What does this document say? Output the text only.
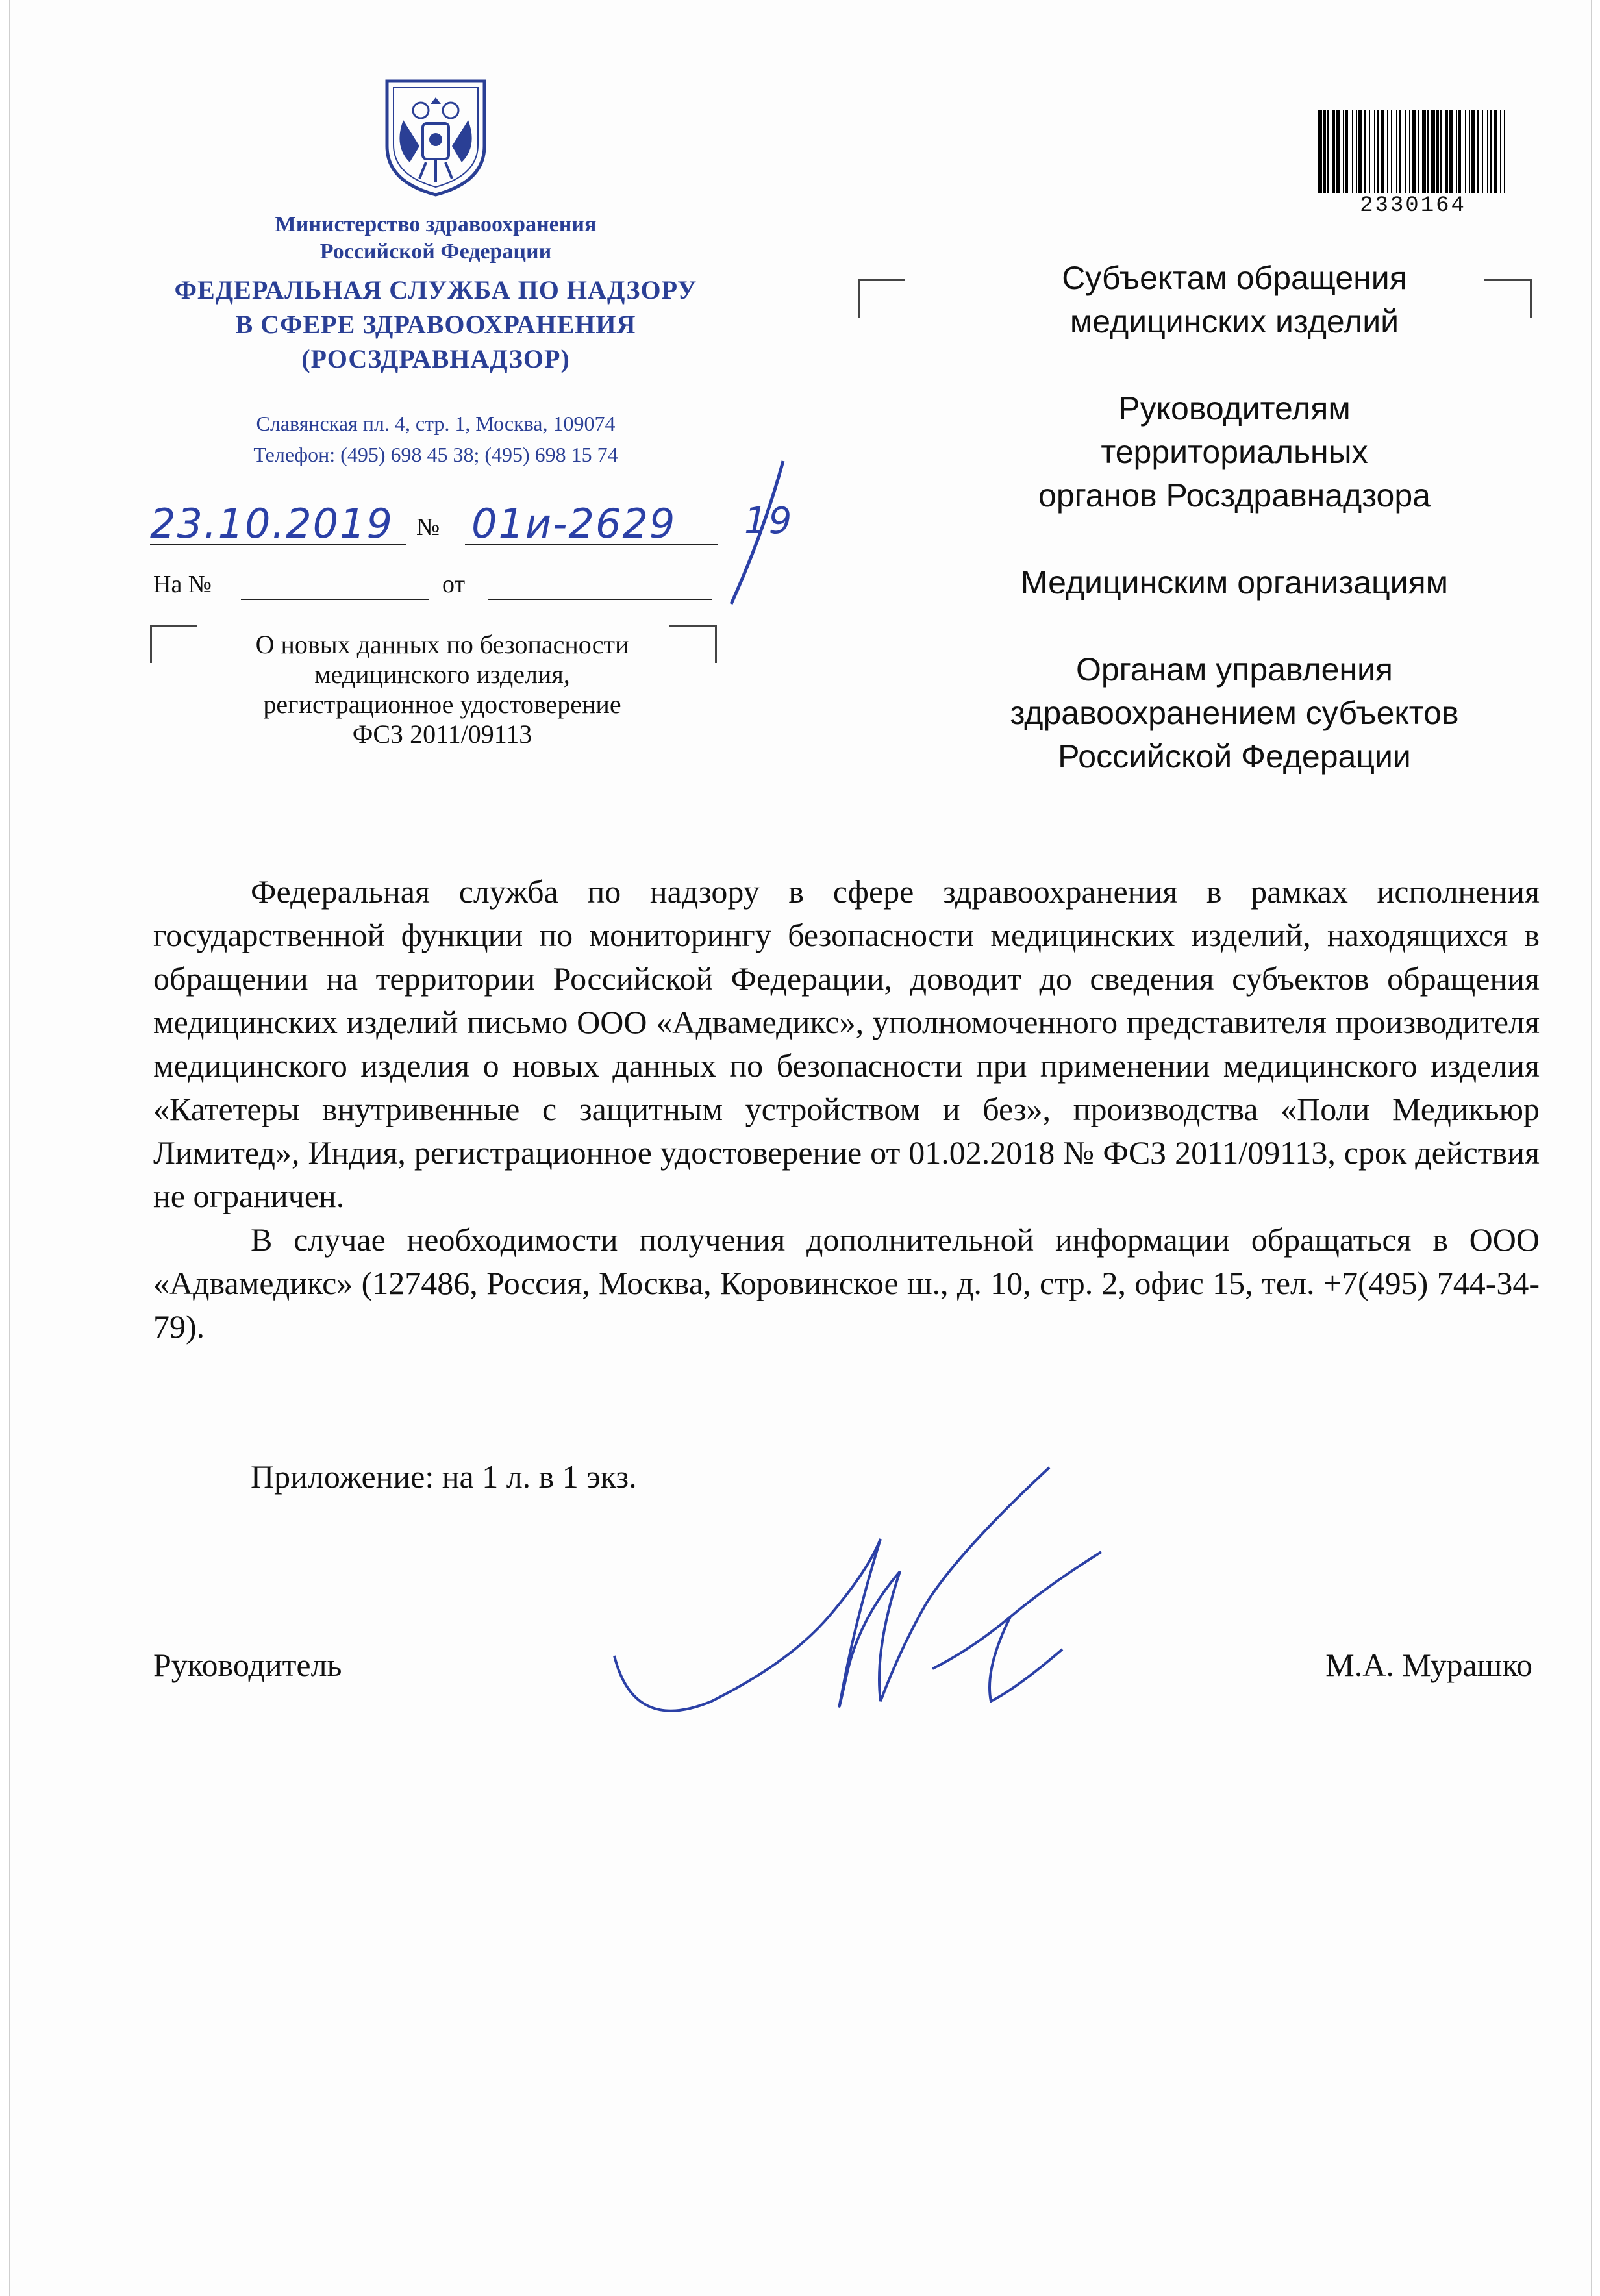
Министерство здравоохранения
Российской Федерации
ФЕДЕРАЛЬНАЯ СЛУЖБА ПО НАДЗОРУ
В СФЕРЕ ЗДРАВООХРАНЕНИЯ
(РОСЗДРАВНАДЗОР)
Славянская пл. 4, стр. 1, Москва, 109074
Телефон: (495) 698 45 38; (495) 698 15 74
23.10.2019 № 01и-2629 19
На №	от
О новых данных по безопасности
медицинского изделия,
регистрационное удостоверение
ФСЗ 2011/09113
2330164
Субъектам обращения
медицинских изделий
Руководителям
территориальных
органов Росздравнадзора
Медицинским организациям
Органам управления
здравоохранением субъектов
Российской Федерации

Федеральная служба по надзору в сфере здравоохранения в рамках исполнения государственной функции по мониторингу безопасности медицинских изделий, находящихся в обращении на территории Российской Федерации, доводит до сведения субъектов обращения медицинских изделий письмо ООО «Адвамедикс», уполномоченного представителя производителя медицинского изделия о новых данных по безопасности при применении медицинского изделия «Катетеры внутривенные с защитным устройством и без», производства «Поли Медикьюр Лимитед», Индия, регистрационное удостоверение от 01.02.2018 № ФСЗ 2011/09113, срок действия не ограничен.

В случае необходимости получения дополнительной информации обращаться в ООО «Адвамедикс» (127486, Россия, Москва, Коровинское ш., д. 10, стр. 2, офис 15, тел. +7(495) 744-34-79).

Приложение: на 1 л. в 1 экз.
Руководитель	М.А. Мурашко
